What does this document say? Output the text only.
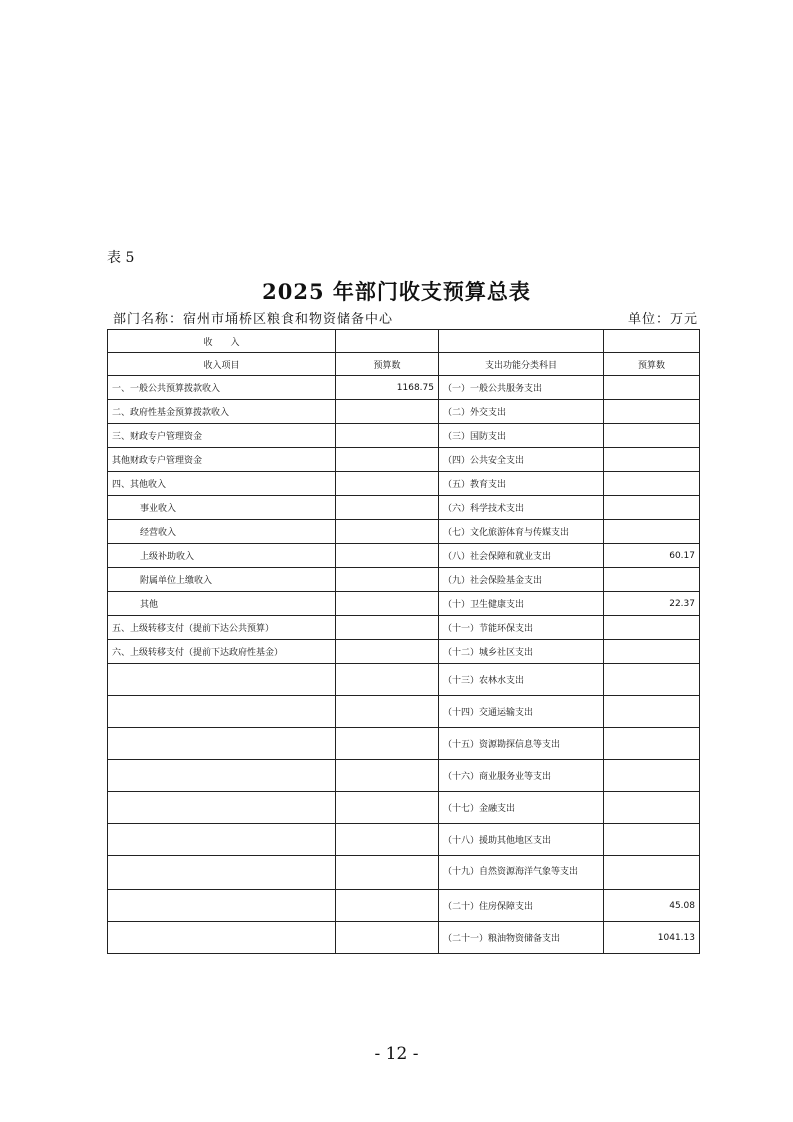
表 5
2025 年部门收支预算总表
部门名称：宿州市埇桥区粮食和物资储备中心	单位：万元
收　　入			
收入项目	预算数	支出功能分类科目	预算数
一、一般公共预算拨款收入	1168.75	（一）一般公共服务支出	
二、政府性基金预算拨款收入		（二）外交支出	
三、财政专户管理资金		（三）国防支出	
其他财政专户管理资金		（四）公共安全支出	
四、其他收入		（五）教育支出	
事业收入		（六）科学技术支出	
经营收入		（七）文化旅游体育与传媒支出	
上级补助收入		（八）社会保障和就业支出	60.17
附属单位上缴收入		（九）社会保险基金支出	
其他		（十）卫生健康支出	22.37
五、上级转移支付（提前下达公共预算）		（十一）节能环保支出	
六、上级转移支付（提前下达政府性基金）		（十二）城乡社区支出	
		（十三）农林水支出	
		（十四）交通运输支出	
		（十五）资源勘探信息等支出	
		（十六）商业服务业等支出	
		（十七）金融支出	
		（十八）援助其他地区支出	
		（十九）自然资源海洋气象等支出	
		（二十）住房保障支出	45.08
		（二十一）粮油物资储备支出	1041.13
- 12 -
